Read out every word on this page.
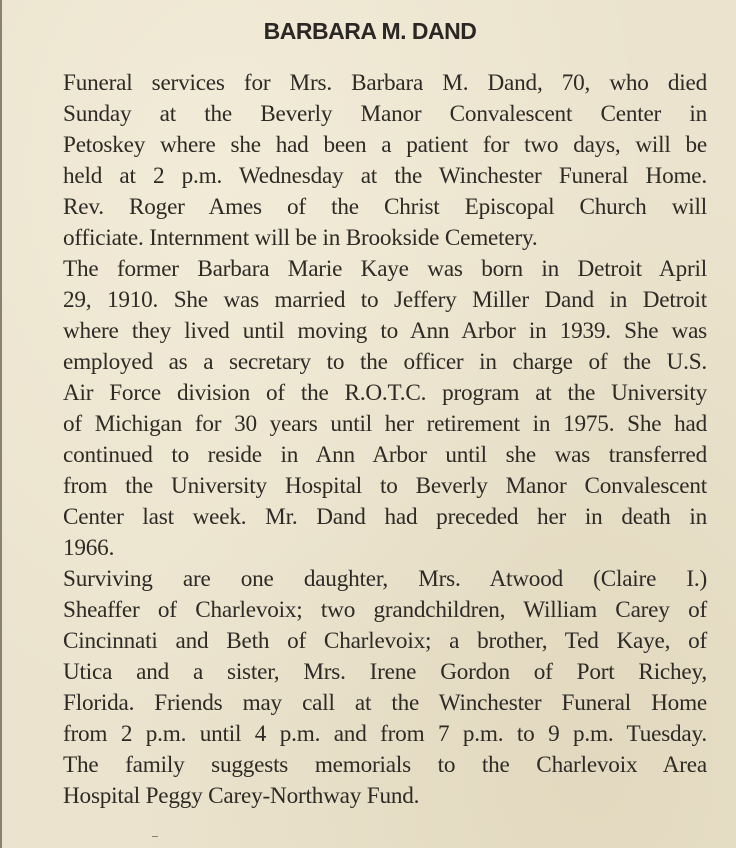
BARBARA M. DAND

Funeral services for Mrs. Barbara M. Dand, 70, who died
Sunday at the Beverly Manor Convalescent Center in
Petoskey where she had been a patient for two days, will be
held at 2 p.m. Wednesday at the Winchester Funeral Home.
Rev. Roger Ames of the Christ Episcopal Church will
officiate. Internment will be in Brookside Cemetery.

The former Barbara Marie Kaye was born in Detroit April
29, 1910. She was married to Jeffery Miller Dand in Detroit
where they lived until moving to Ann Arbor in 1939. She was
employed as a secretary to the officer in charge of the U.S.
Air Force division of the R.O.T.C. program at the University
of Michigan for 30 years until her retirement in 1975. She had
continued to reside in Ann Arbor until she was transferred
from the University Hospital to Beverly Manor Convalescent
Center last week. Mr. Dand had preceded her in death in
1966.

Surviving are one daughter, Mrs. Atwood (Claire I.)
Sheaffer of Charlevoix; two grandchildren, William Carey of
Cincinnati and Beth of Charlevoix; a brother, Ted Kaye, of
Utica and a sister, Mrs. Irene Gordon of Port Richey,
Florida. Friends may call at the Winchester Funeral Home
from 2 p.m. until 4 p.m. and from 7 p.m. to 9 p.m. Tuesday.
The family suggests memorials to the Charlevoix Area
Hospital Peggy Carey-Northway Fund.
